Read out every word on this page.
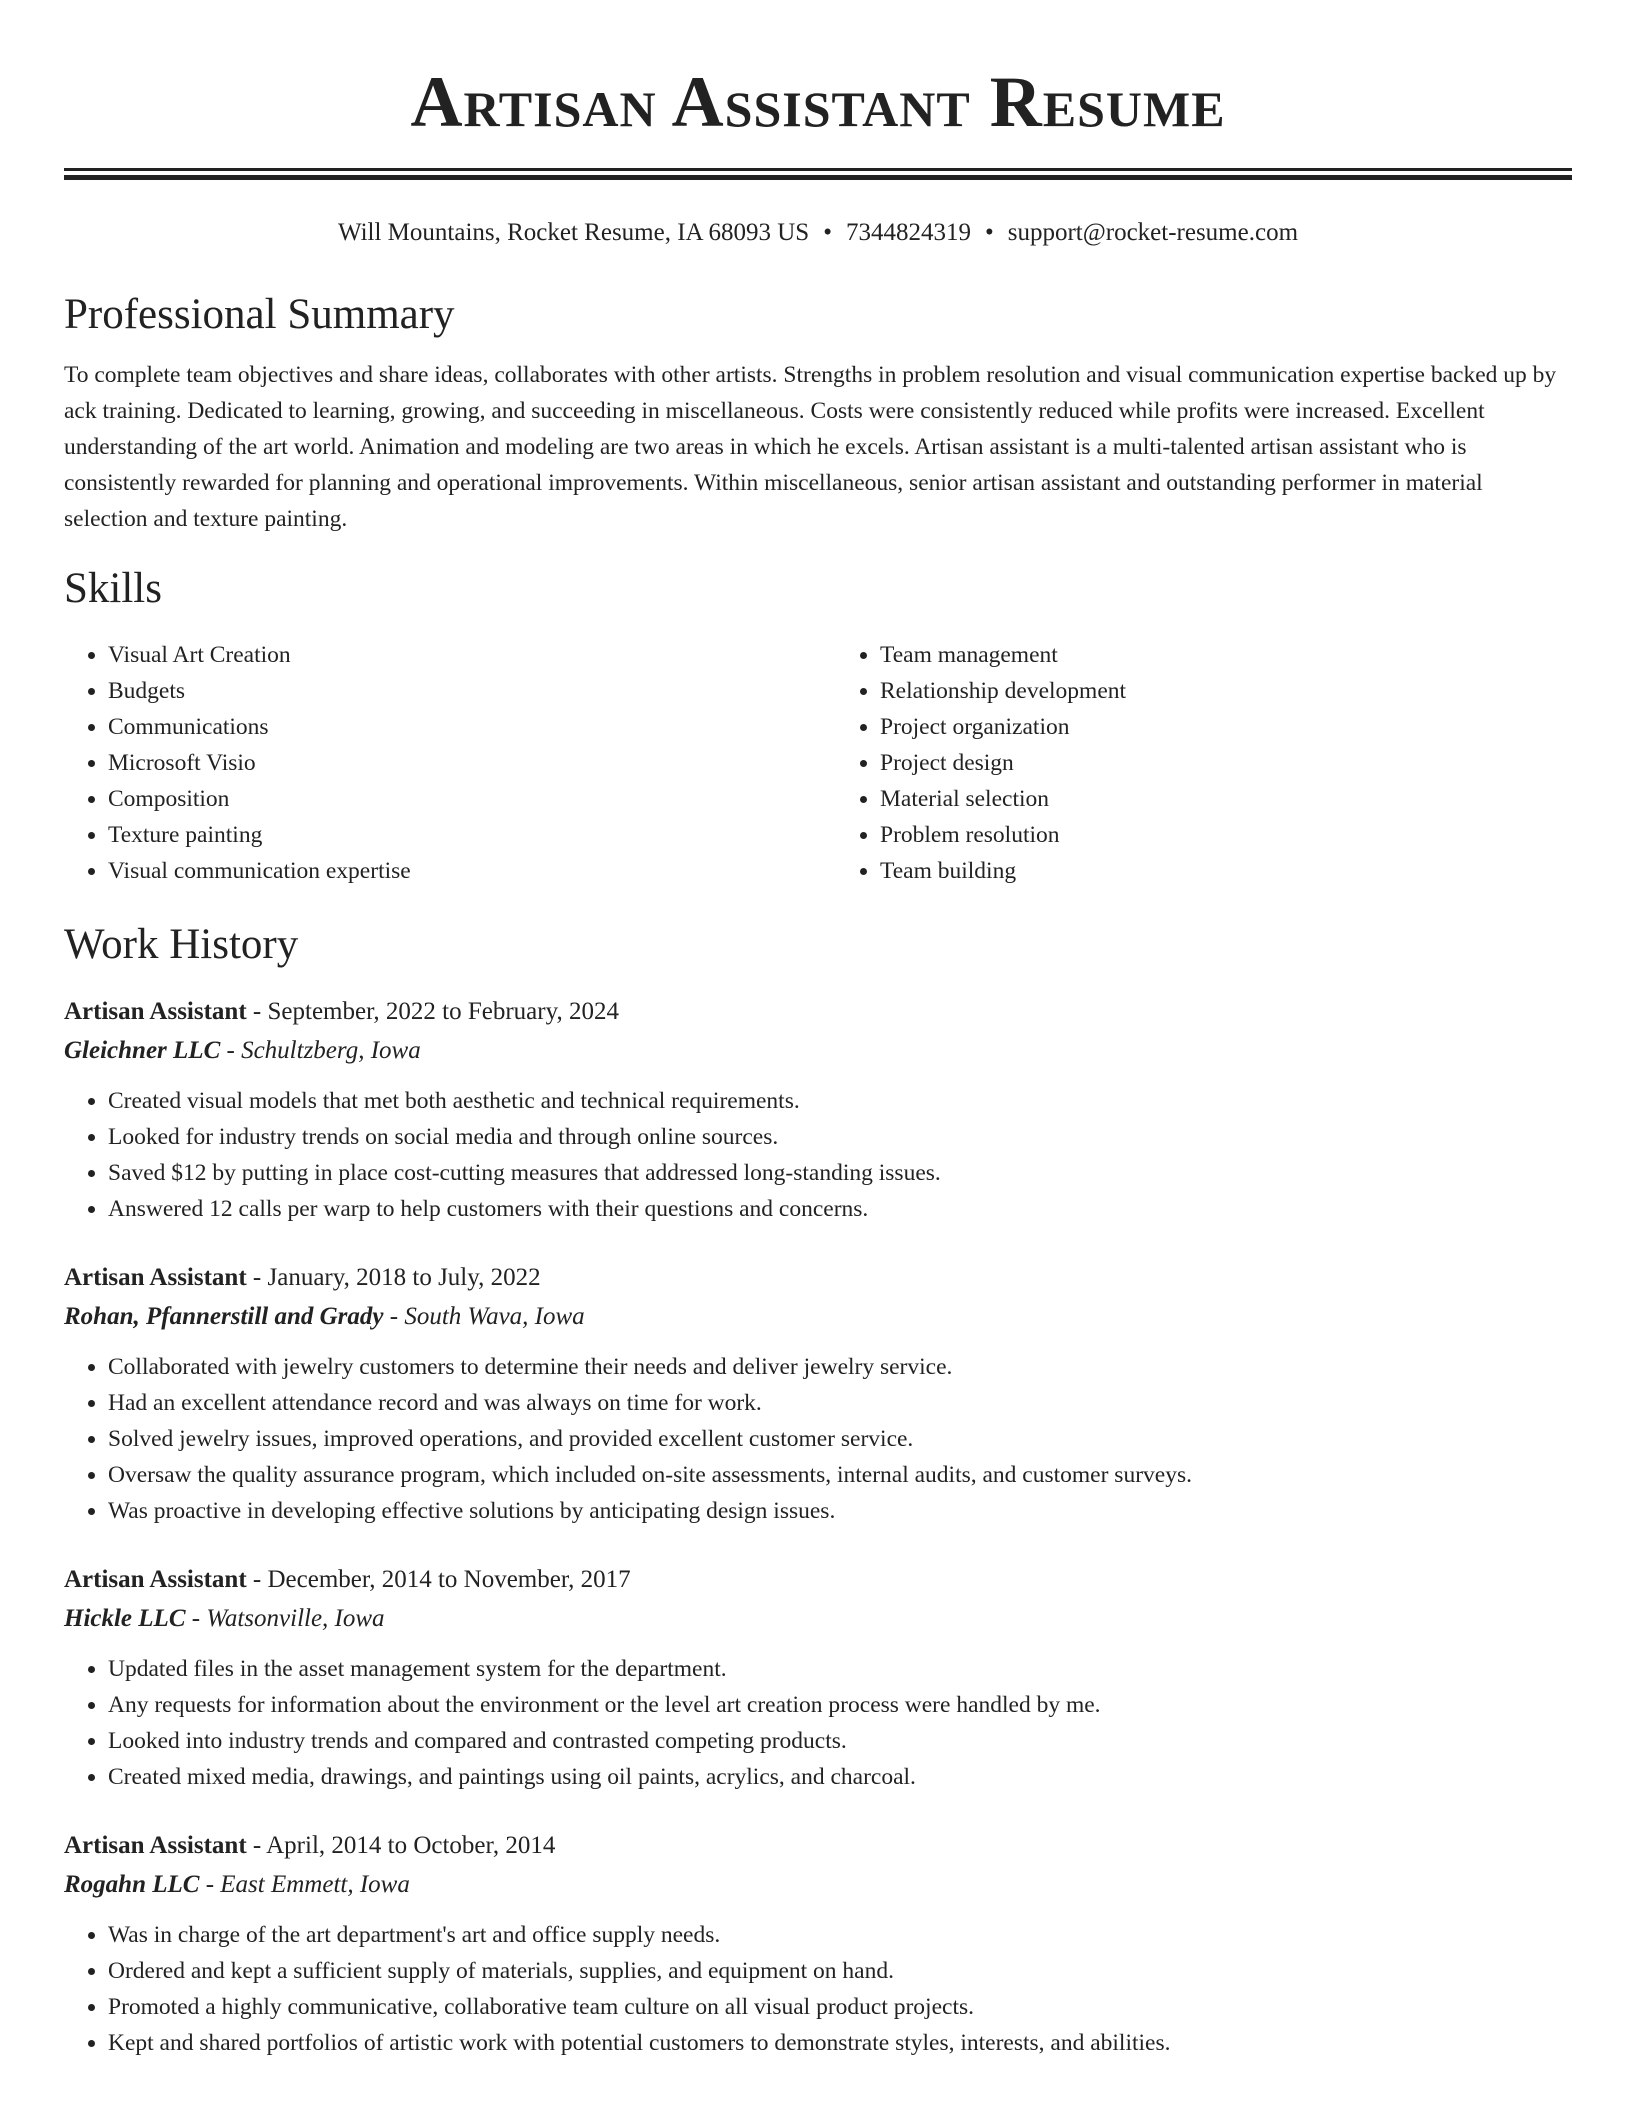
Artisan Assistant Resume
Will Mountains, Rocket Resume, IA 68093 US • 7344824319 • support@rocket-resume.com
Professional Summary

To complete team objectives and share ideas, collaborates with other artists. Strengths in problem resolution and visual communication expertise backed up by ack training. Dedicated to learning, growing, and succeeding in miscellaneous. Costs were consistently reduced while profits were increased. Excellent understanding of the art world. Animation and modeling are two areas in which he excels. Artisan assistant is a multi-talented artisan assistant who is consistently rewarded for planning and operational improvements. Within miscellaneous, senior artisan assistant and outstanding performer in material selection and texture painting.

Skills
• Visual Art Creation
• Budgets
• Communications
• Microsoft Visio
• Composition
• Texture painting
• Visual communication expertise
• Team management
• Relationship development
• Project organization
• Project design
• Material selection
• Problem resolution
• Team building
Work History
Artisan Assistant - September, 2022 to February, 2024
Gleichner LLC - Schultzberg, Iowa
• Created visual models that met both aesthetic and technical requirements.
• Looked for industry trends on social media and through online sources.
• Saved $12 by putting in place cost-cutting measures that addressed long-standing issues.
• Answered 12 calls per warp to help customers with their questions and concerns.
Artisan Assistant - January, 2018 to July, 2022
Rohan, Pfannerstill and Grady - South Wava, Iowa
• Collaborated with jewelry customers to determine their needs and deliver jewelry service.
• Had an excellent attendance record and was always on time for work.
• Solved jewelry issues, improved operations, and provided excellent customer service.
• Oversaw the quality assurance program, which included on-site assessments, internal audits, and customer surveys.
• Was proactive in developing effective solutions by anticipating design issues.
Artisan Assistant - December, 2014 to November, 2017
Hickle LLC - Watsonville, Iowa
• Updated files in the asset management system for the department.
• Any requests for information about the environment or the level art creation process were handled by me.
• Looked into industry trends and compared and contrasted competing products.
• Created mixed media, drawings, and paintings using oil paints, acrylics, and charcoal.
Artisan Assistant - April, 2014 to October, 2014
Rogahn LLC - East Emmett, Iowa
• Was in charge of the art department's art and office supply needs.
• Ordered and kept a sufficient supply of materials, supplies, and equipment on hand.
• Promoted a highly communicative, collaborative team culture on all visual product projects.
• Kept and shared portfolios of artistic work with potential customers to demonstrate styles, interests, and abilities.
